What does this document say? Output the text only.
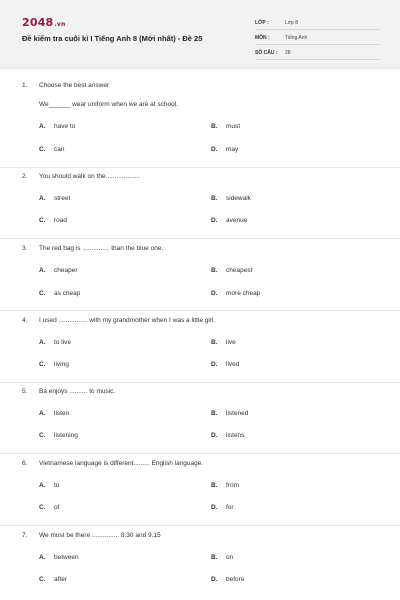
2048.vn
Đề kiểm tra cuối kì I Tiếng Anh 8 (Mới nhất) - Đề 25
LỚP :	Lớp 8
MÔN :	Tiếng Anh
SỐ CÂU :	28
1. Choose the best answer
We______ wear uniform when we are at school.
A. have to	B. must
C. can	D. may
2. You should walk on the...................
A. street	B. sidewalk
C. road	D. avenue
3. The red bag is ............... than the blue one.
A. cheaper	B. cheapest
C. as cheap	D. more cheap
4. I used ................ with my grandmother when I was a little girl.
A. to live	B. live
C. living	D. lived
5. Ba enjoys .......... to music.
A. listen	B. listened
C. listening	D. listens
6. Vietnamese language is different......... English language.
A. to	B. from
C. of	D. for
7. We must be there ............... 8.30 and 9.15
A. between	B. on
C. after	D. before
